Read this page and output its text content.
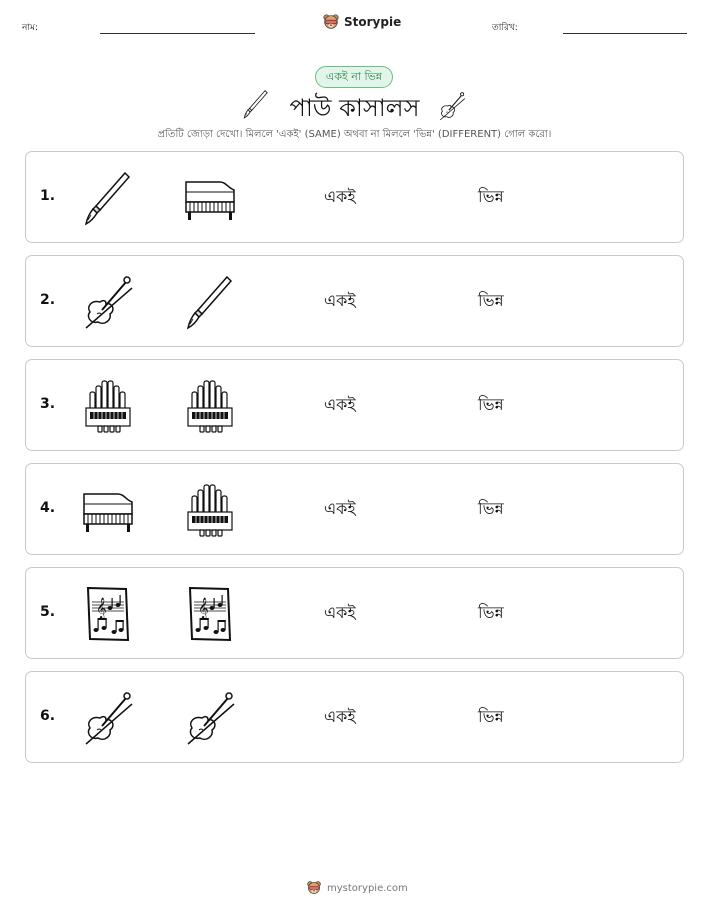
নাম:	Storypie	তারিখ:
একই না ভিন্ন
পাউ কাসালস
প্রতিটি জোড়া দেখো। মিললে 'একই' (SAME) অথবা না মিললে 'ভিন্ন' (DIFFERENT) গোল করো।
1.	একই	ভিন্ন
2.	একই	ভিন্ন
3.	একই	ভিন্ন
4.	একই	ভিন্ন
5.	একই	ভিন্ন
6.	একই	ভিন্ন
mystorypie.com
